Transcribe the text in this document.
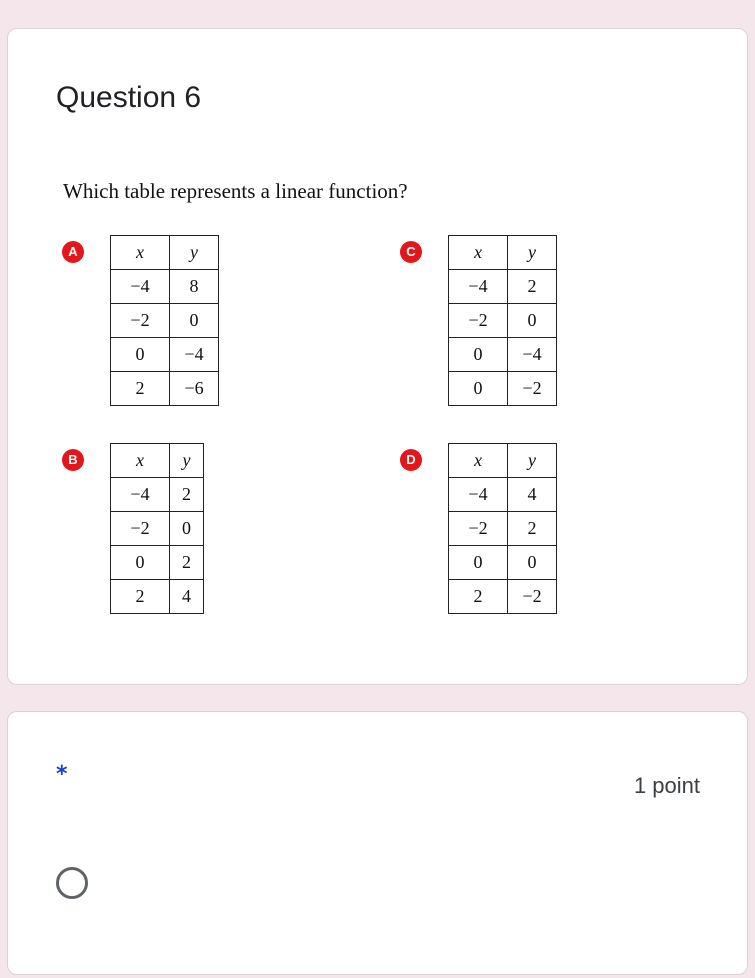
Question 6
Which table represents a linear function?
A	x	y
−4	8
−2	0
0	−4
2	−6
C	x	y
−4	2
−2	0
0	−4
0	−2
B	x	y
−4	2
−2	0
0	2
2	4
D	x	y
−4	4
−2	2
0	0
2	−2
*	1 point
